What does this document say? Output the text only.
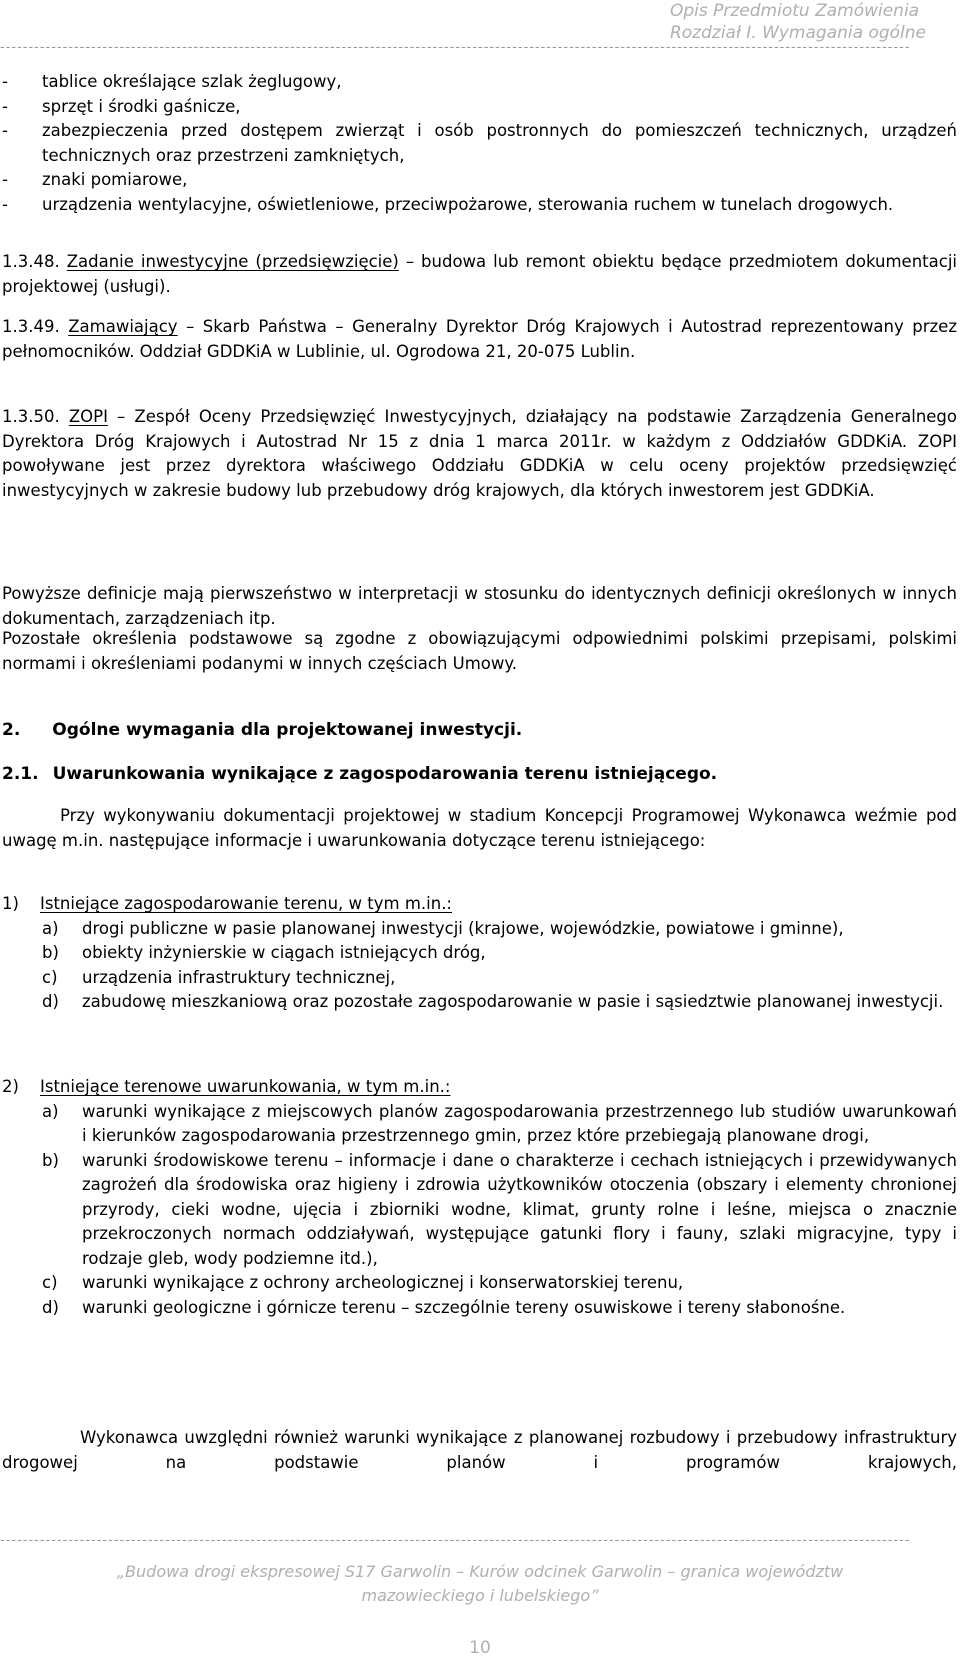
Opis Przedmiotu Zamówienia
Rozdział I. Wymagania ogólne
----------------------------------------------------------------------------------------------------------------------------------------------------------------
- tablice określające szlak żeglugowy,
- sprzęt i środki gaśnicze,
- zabezpieczenia przed dostępem zwierząt i osób postronnych do pomieszczeń technicznych, urządzeń technicznych oraz przestrzeni zamkniętych,
- znaki pomiarowe,
- urządzenia wentylacyjne, oświetleniowe, przeciwpożarowe, sterowania ruchem w tunelach drogowych.
1.3.48. Zadanie inwestycyjne (przedsięwzięcie) – budowa lub remont obiektu będące przedmiotem dokumentacji projektowej (usługi).
1.3.49. Zamawiający – Skarb Państwa – Generalny Dyrektor Dróg Krajowych i Autostrad reprezentowany przez pełnomocników. Oddział GDDKiA w Lublinie, ul. Ogrodowa 21, 20-075 Lublin.
1.3.50. ZOPI – Zespół Oceny Przedsięwzięć Inwestycyjnych, działający na podstawie Zarządzenia Generalnego Dyrektora Dróg Krajowych i Autostrad Nr 15 z dnia 1 marca 2011r. w każdym z Oddziałów GDDKiA. ZOPI powoływane jest przez dyrektora właściwego Oddziału GDDKiA w celu oceny projektów przedsięwzięć inwestycyjnych w zakresie budowy lub przebudowy dróg krajowych, dla których inwestorem jest GDDKiA.
Powyższe definicje mają pierwszeństwo w interpretacji w stosunku do identycznych definicji określonych w innych dokumentach, zarządzeniach itp.
Pozostałe określenia podstawowe są zgodne z obowiązującymi odpowiednimi polskimi przepisami, polskimi normami i określeniami podanymi w innych częściach Umowy.
2. Ogólne wymagania dla projektowanej inwestycji.
2.1. Uwarunkowania wynikające z zagospodarowania terenu istniejącego.
Przy wykonywaniu dokumentacji projektowej w stadium Koncepcji Programowej Wykonawca weźmie pod uwagę m.in. następujące informacje i uwarunkowania dotyczące terenu istniejącego:
1) Istniejące zagospodarowanie terenu, w tym m.in.:
a) drogi publiczne w pasie planowanej inwestycji (krajowe, wojewódzkie, powiatowe i gminne),
b) obiekty inżynierskie w ciągach istniejących dróg,
c) urządzenia infrastruktury technicznej,
d) zabudowę mieszkaniową oraz pozostałe zagospodarowanie w pasie i sąsiedztwie planowanej inwestycji.
2) Istniejące terenowe uwarunkowania, w tym m.in.:
a) warunki wynikające z miejscowych planów zagospodarowania przestrzennego lub studiów uwarunkowań i kierunków zagospodarowania przestrzennego gmin, przez które przebiegają planowane drogi,
b) warunki środowiskowe terenu – informacje i dane o charakterze i cechach istniejących i przewidywanych zagrożeń dla środowiska oraz higieny i zdrowia użytkowników otoczenia (obszary i elementy chronionej przyrody, cieki wodne, ujęcia i zbiorniki wodne, klimat, grunty rolne i leśne, miejsca o znacznie przekroczonych normach oddziaływań, występujące gatunki flory i fauny, szlaki migracyjne, typy i rodzaje gleb, wody podziemne itd.),
c) warunki wynikające z ochrony archeologicznej i konserwatorskiej terenu,
d) warunki geologiczne i górnicze terenu – szczególnie tereny osuwiskowe i tereny słabonośne.
Wykonawca uwzględni również warunki wynikające z planowanej rozbudowy i przebudowy infrastruktury drogowej na podstawie planów i programów krajowych,
----------------------------------------------------------------------------------------------------------------------------------------------------------------
„Budowa drogi ekspresowej S17 Garwolin – Kurów odcinek Garwolin – granica województw
mazowieckiego i lubelskiego”
10
